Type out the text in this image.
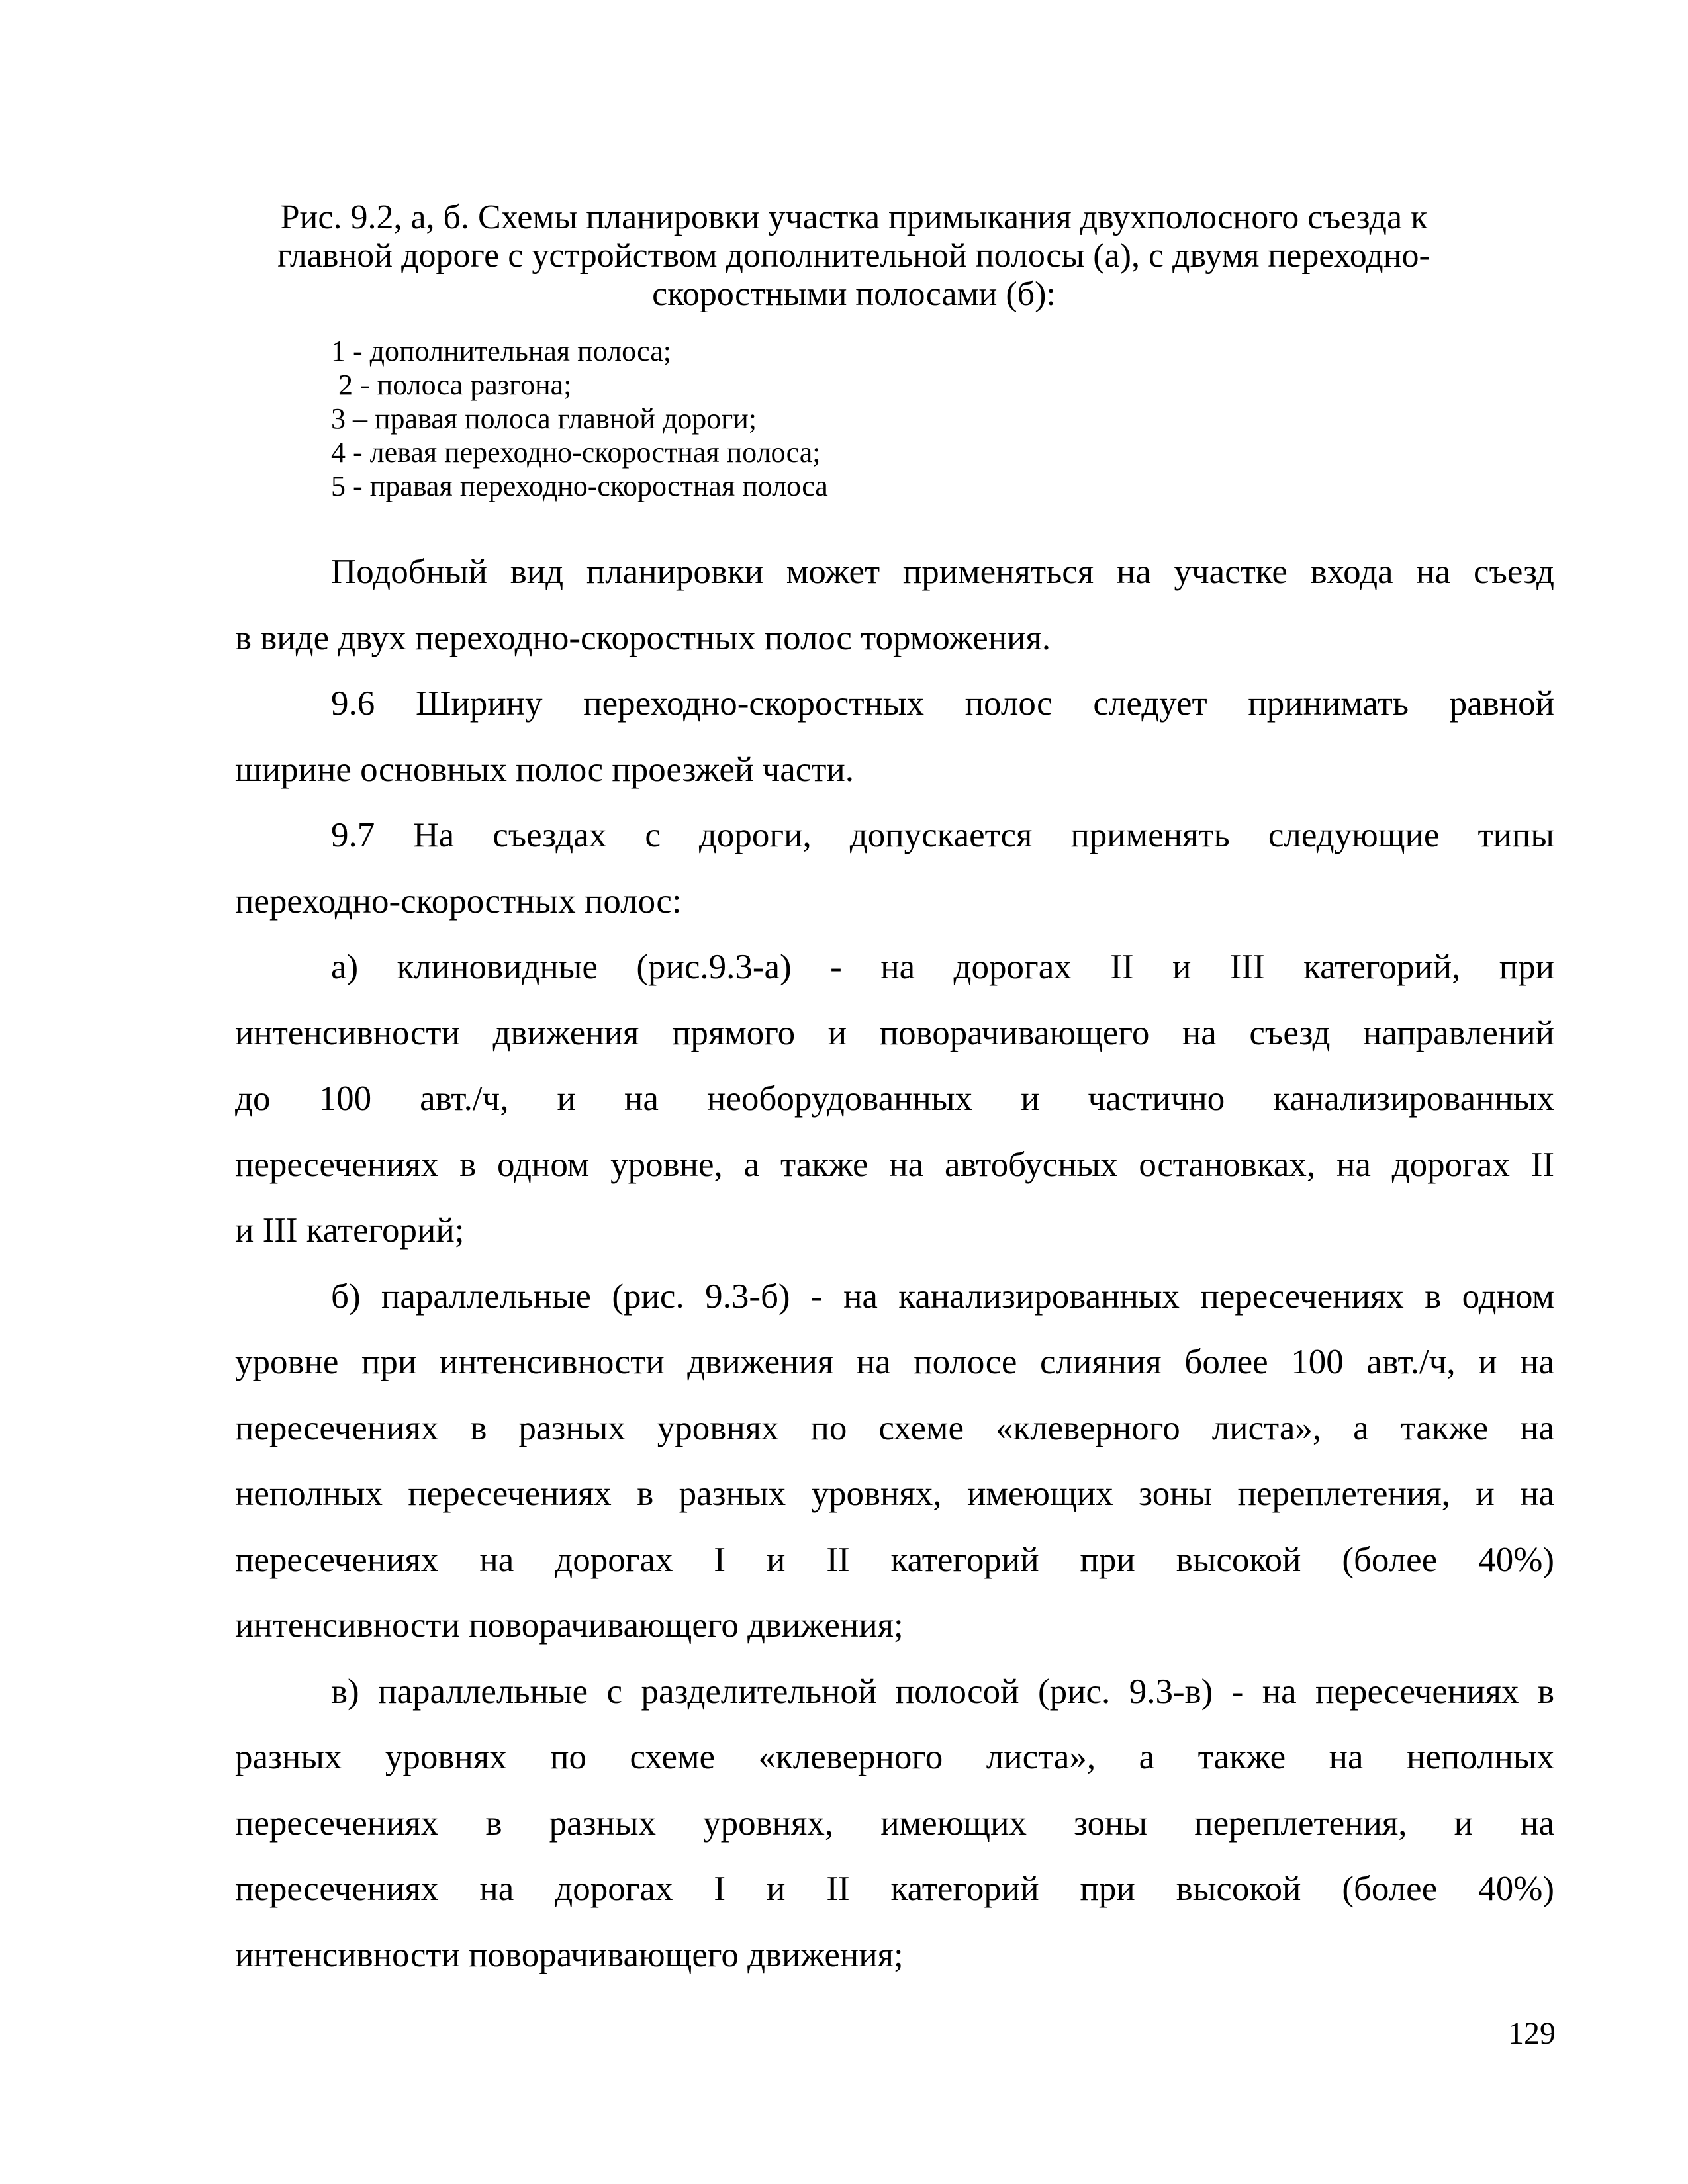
Рис. 9.2, а, б. Схемы планировки участка примыкания двухполосного съезда к
главной дороге с устройством дополнительной полосы (а), с двумя переходно-
скоростными полосами (б):
1 - дополнительная полоса;
2 - полоса разгона;
3 – правая полоса главной дороги;
4 - левая переходно-скоростная полоса;
5 - правая переходно-скоростная полоса
Подобный вид планировки может применяться на участке входа на съезд
в виде двух переходно-скоростных полос торможения.
9.6 Ширину переходно-скоростных полос следует принимать равной
ширине основных полос проезжей части.
9.7 На съездах с дороги, допускается применять следующие типы
переходно-скоростных полос:
а) клиновидные (рис.9.3-а) - на дорогах II и III категорий, при
интенсивности движения прямого и поворачивающего на съезд направлений
до 100 авт./ч, и на необорудованных и частично канализированных
пересечениях в одном уровне, а также на автобусных остановках, на дорогах II
и III категорий;
б) параллельные (рис. 9.3-б) - на канализированных пересечениях в одном
уровне при интенсивности движения на полосе слияния более 100 авт./ч, и на
пересечениях в разных уровнях по схеме «клеверного листа», а также на
неполных пересечениях в разных уровнях, имеющих зоны переплетения, и на
пересечениях на дорогах I и II категорий при высокой (более 40%)
интенсивности поворачивающего движения;
в) параллельные с разделительной полосой (рис. 9.3-в) - на пересечениях в
разных уровнях по схеме «клеверного листа», а также на неполных
пересечениях в разных уровнях, имеющих зоны переплетения, и на
пересечениях на дорогах I и II категорий при высокой (более 40%)
интенсивности поворачивающего движения;
129
